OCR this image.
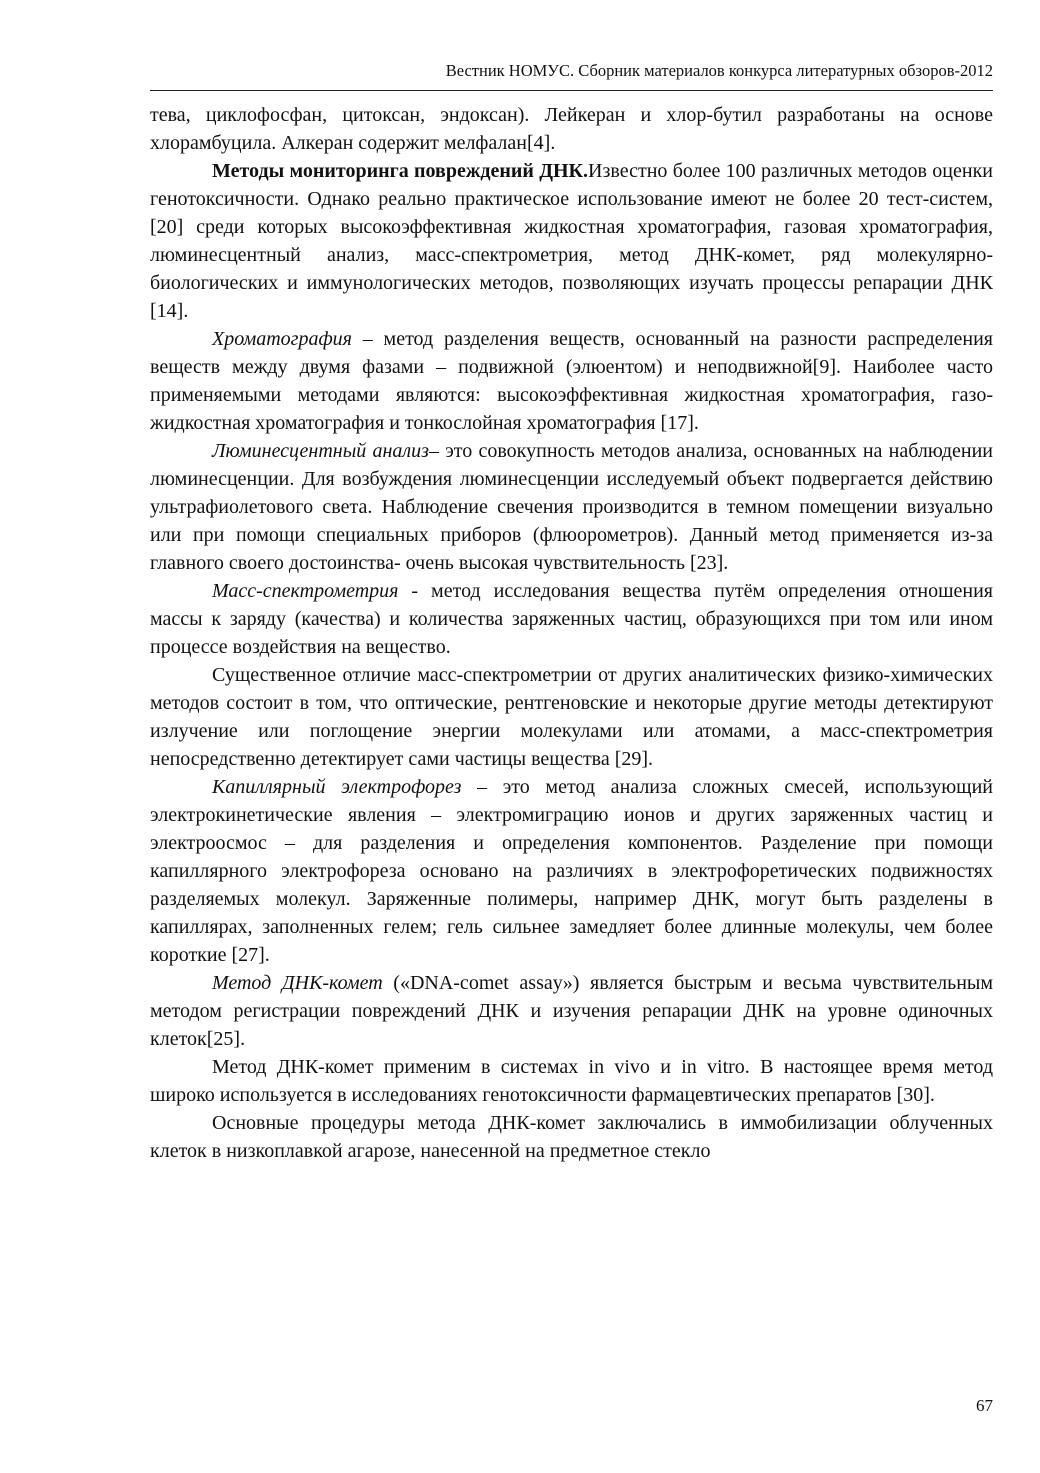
Вестник НОМУС. Сборник материалов конкурса литературных обзоров-2012

тева, циклофосфан, цитоксан, эндоксан). Лейкеран и хлор-бутил разработаны на основе хлорамбуцила. Алкеран содержит мелфалан[4].

Методы мониторинга повреждений ДНК.Известно более 100 различных методов оценки генотоксичности. Однако реально практическое использование имеют не более 20 тест-систем, [20] среди которых высокоэффективная жидкостная хроматография, газовая хроматография, люминесцентный анализ, масс-спектрометрия, метод ДНК-комет, ряд молекулярно-биологических и иммунологических методов, позволяющих изучать процессы репарации ДНК [14].

Хроматография – метод разделения веществ, основанный на разности распределения веществ между двумя фазами – подвижной (элюентом) и неподвижной[9]. Наиболее часто применяемыми методами являются: высокоэффективная жидкостная хроматография, газо-жидкостная хроматография и тонкослойная хроматография [17].

Люминесцентный анализ– это совокупность методов анализа, основанных на наблюдении люминесценции. Для возбуждения люминесценции исследуемый объект подвергается действию ультрафиолетового света. Наблюдение свечения производится в темном помещении визуально или при помощи специальных приборов (флюорометров). Данный метод применяется из-за главного своего достоинства- очень высокая чувствительность [23].

Масс-спектрометрия - метод исследования вещества путём определения отношения массы к заряду (качества) и количества заряженных частиц, образующихся при том или ином процессе воздействия на вещество.

Существенное отличие масс-спектрометрии от других аналитических физико-химических методов состоит в том, что оптические, рентгеновские и некоторые другие методы детектируют излучение или поглощение энергии молекулами или атомами, а масс-спектрометрия непосредственно детектирует сами частицы вещества [29].

Капиллярный электрофорез – это метод анализа сложных смесей, использующий электрокинетические явления – электромиграцию ионов и других заряженных частиц и электроосмос – для разделения и определения компонентов. Разделение при помощи капиллярного электрофореза основано на различиях в электрофоретических подвижностях разделяемых молекул. Заряженные полимеры, например ДНК, могут быть разделены в капиллярах, заполненных гелем; гель сильнее замедляет более длинные молекулы, чем более короткие [27].

Метод ДНК-комет («DNA-comet assay») является быстрым и весьма чувствительным методом регистрации повреждений ДНК и изучения репарации ДНК на уровне одиночных клеток[25].

Метод ДНК-комет применим в системах in vivo и in vitro. В настоящее время метод широко используется в исследованиях генотоксичности фармацевтических препаратов [30].

Основные процедуры метода ДНК-комет заключались в иммобилизации облученных клеток в низкоплавкой агарозе, нанесенной на предметное стекло

67
